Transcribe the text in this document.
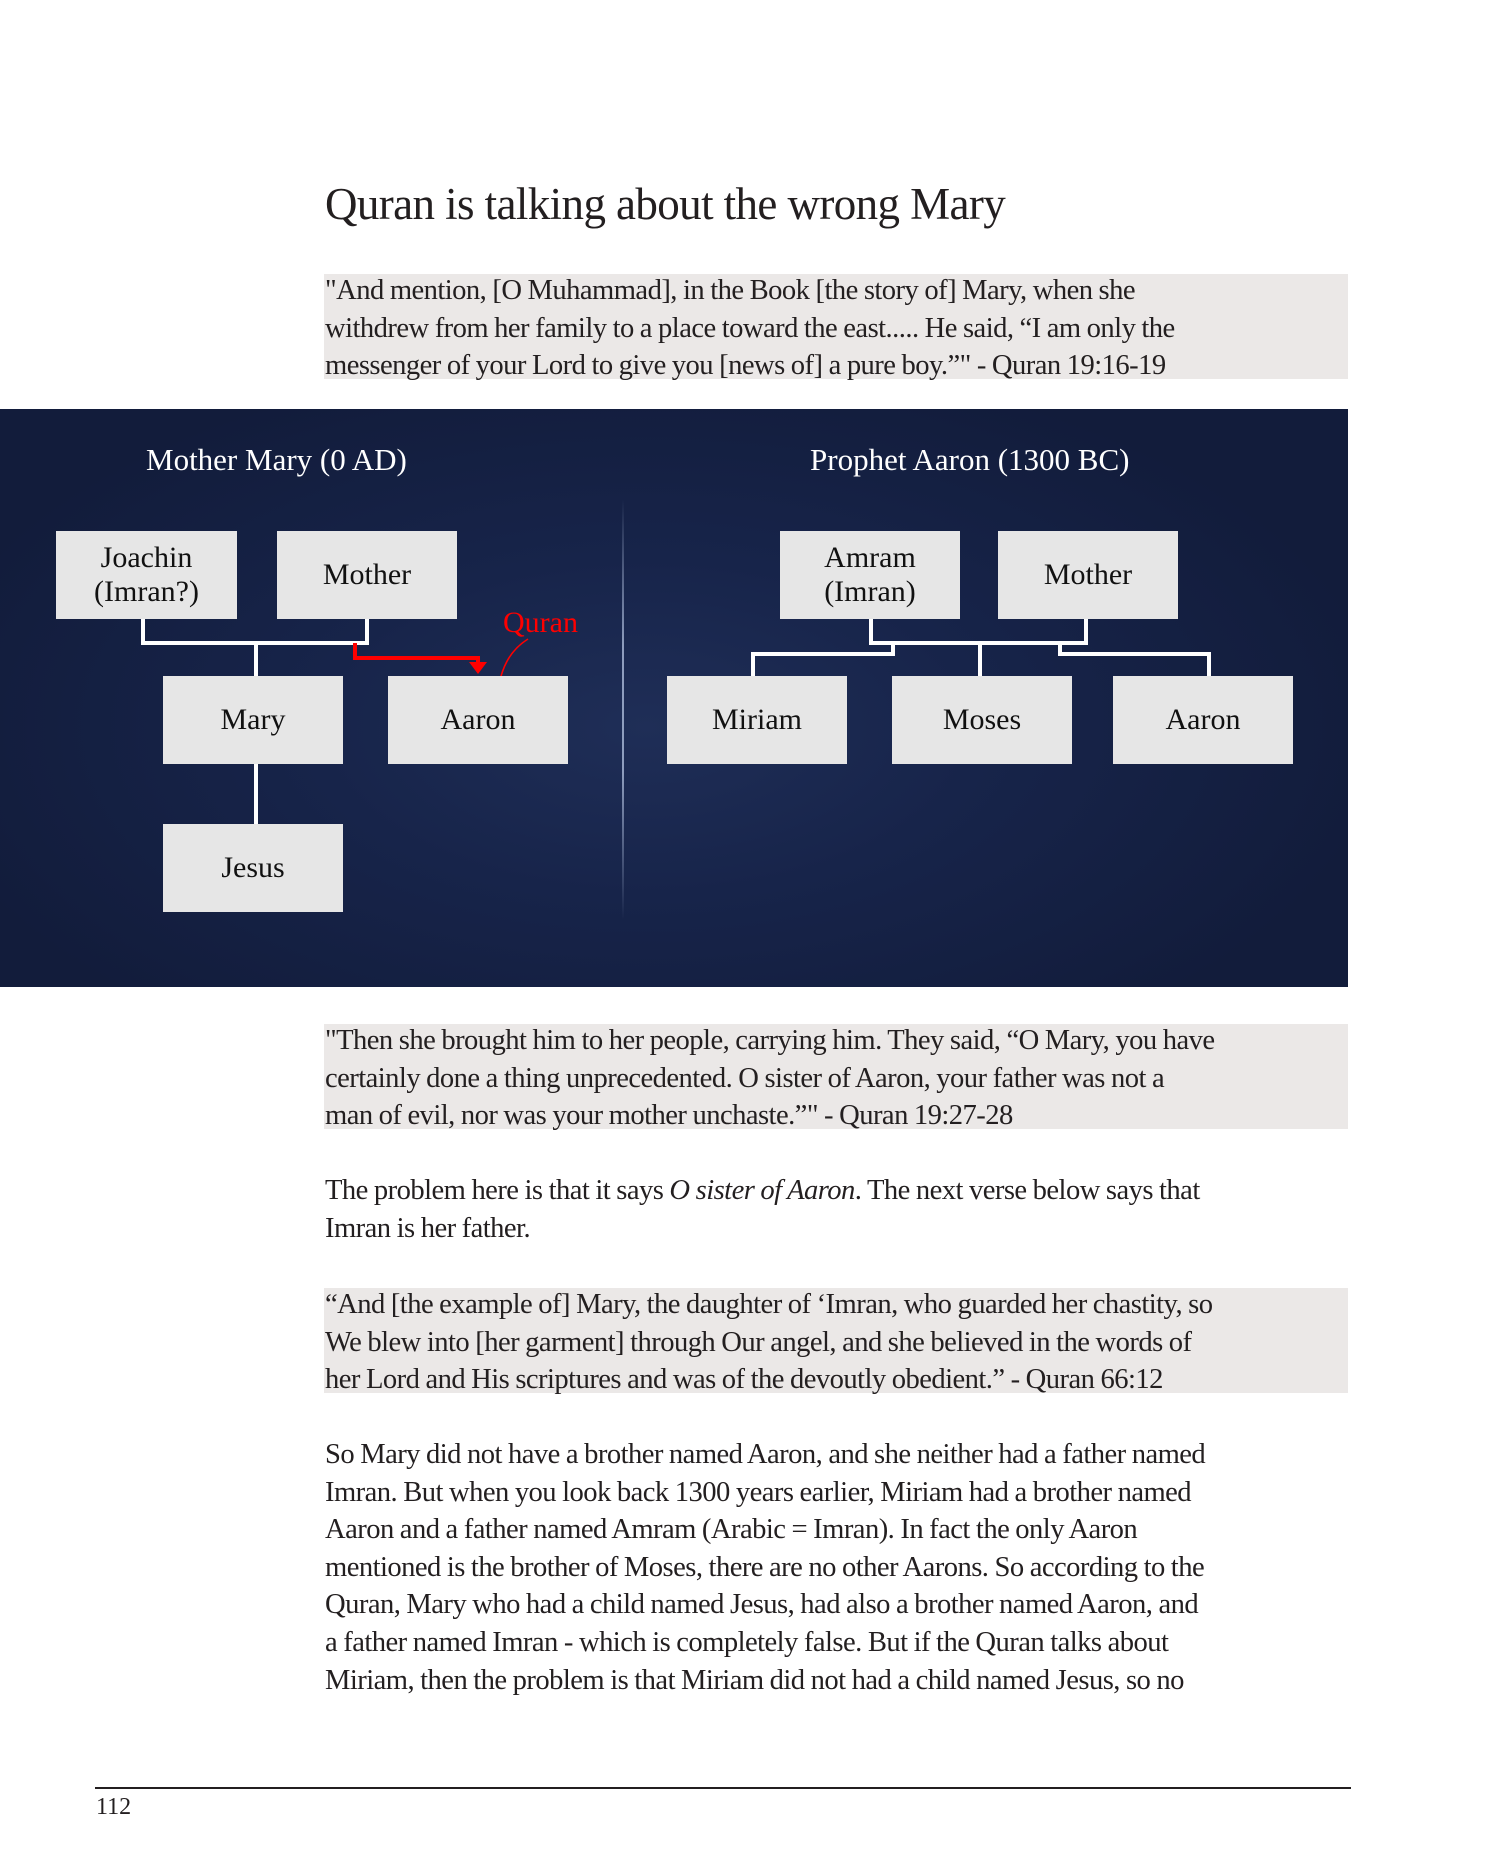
Quran is talking about the wrong Mary
"And mention, [O Muhammad], in the Book [the story of] Mary, when she
withdrew from her family to a place toward the east..... He said, “I am only the
messenger of your Lord to give you [news of] a pure boy.”" - Quran 19:16-19
Mother Mary (0 AD)
Joachin
(Imran?)
Mother
Quran
Mary	Aaron
Jesus
Prophet Aaron (1300 BC)
Amram
(Imran)
Mother
Miriam	Moses	Aaron
"Then she brought him to her people, carrying him. They said, “O Mary, you have
certainly done a thing unprecedented. O sister of Aaron, your father was not a
man of evil, nor was your mother unchaste.”" - Quran 19:27-28
The problem here is that it says O sister of Aaron. The next verse below says that
Imran is her father.
“And [the example of] Mary, the daughter of ‘Imran, who guarded her chastity, so
We blew into [her garment] through Our angel, and she believed in the words of
her Lord and His scriptures and was of the devoutly obedient.” - Quran 66:12
So Mary did not have a brother named Aaron, and she neither had a father named
Imran. But when you look back 1300 years earlier, Miriam had a brother named
Aaron and a father named Amram (Arabic = Imran). In fact the only Aaron
mentioned is the brother of Moses, there are no other Aarons. So according to the
Quran, Mary who had a child named Jesus, had also a brother named Aaron, and
a father named Imran - which is completely false. But if the Quran talks about
Miriam, then the problem is that Miriam did not had a child named Jesus, so no
112
